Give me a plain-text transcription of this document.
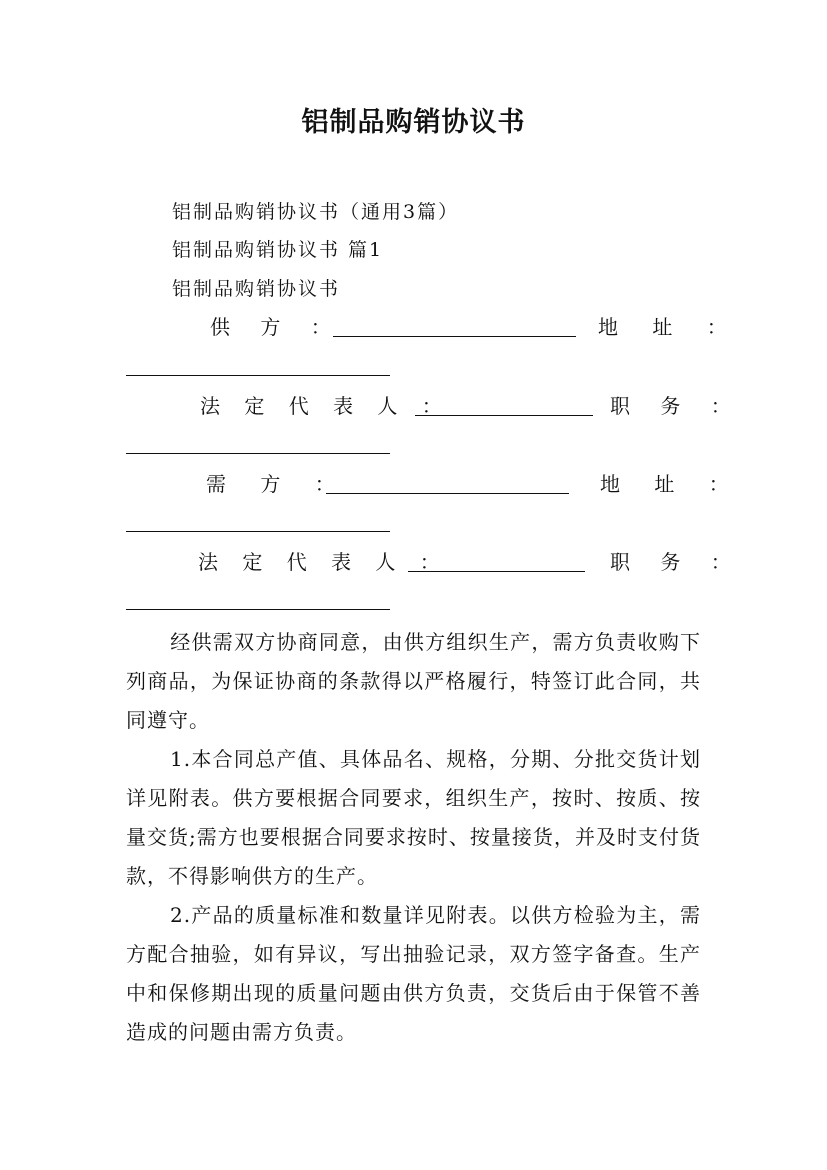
铝制品购销协议书
铝制品购销协议书（通用3篇）
铝制品购销协议书 篇1
铝制品购销协议书
供 方 ：	地 址 ：
法 定 代 表 人 ：	职 务 ：
需 方 ：	地 址 ：
法 定 代 表 人 ：	职 务 ：
经供需双方协商同意，由供方组织生产，需方负责收购下列商品，为保证协商的条款得以严格履行，特签订此合同，共同遵守。
1.本合同总产值、具体品名、规格，分期、分批交货计划详见附表。供方要根据合同要求，组织生产，按时、按质、按量交货;需方也要根据合同要求按时、按量接货，并及时支付货款，不得影响供方的生产。
2.产品的质量标准和数量详见附表。以供方检验为主，需方配合抽验，如有异议，写出抽验记录，双方签字备查。生产中和保修期出现的质量问题由供方负责，交货后由于保管不善造成的问题由需方负责。
